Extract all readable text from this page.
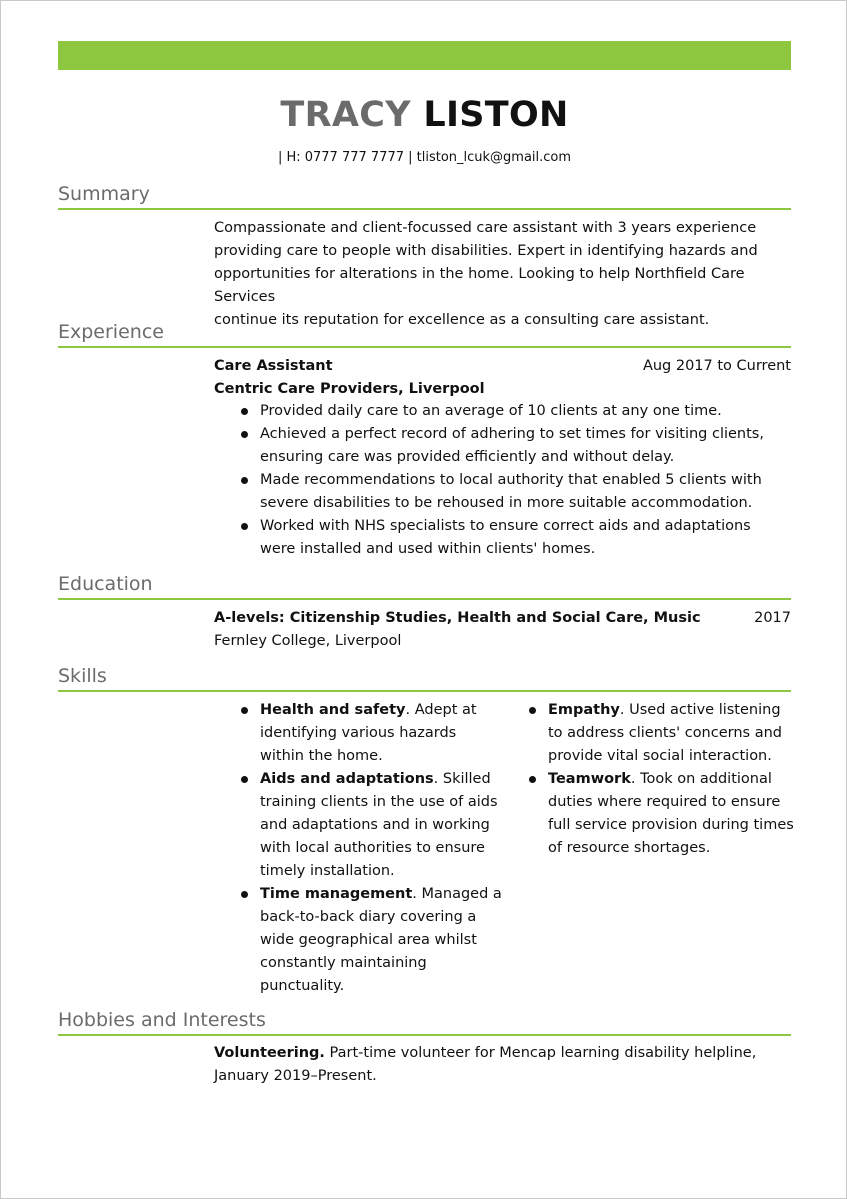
TRACY LISTON
| H: 0777 777 7777 | tliston_lcuk@gmail.com
Summary
Compassionate and client-focussed care assistant with 3 years experience
providing care to people with disabilities. Expert in identifying hazards and
opportunities for alterations in the home. Looking to help Northfield Care Services
continue its reputation for excellence as a consulting care assistant.
Experience
Care Assistant	Aug 2017 to Current
Centric Care Providers, Liverpool
Provided daily care to an average of 10 clients at any one time.
Achieved a perfect record of adhering to set times for visiting clients, ensuring care was provided efficiently and without delay.
Made recommendations to local authority that enabled 5 clients with severe disabilities to be rehoused in more suitable accommodation.
Worked with NHS specialists to ensure correct aids and adaptations were installed and used within clients' homes.
Education
A-levels: Citizenship Studies, Health and Social Care, Music	2017
Fernley College, Liverpool
Skills
Health and safety. Adept at identifying various hazards within the home.
Aids and adaptations. Skilled training clients in the use of aids and adaptations and in working with local authorities to ensure timely installation.
Time management. Managed a back-to-back diary covering a wide geographical area whilst constantly maintaining punctuality.
Empathy. Used active listening to address clients' concerns and provide vital social interaction.
Teamwork. Took on additional duties where required to ensure full service provision during times of resource shortages.
Hobbies and Interests
Volunteering. Part-time volunteer for Mencap learning disability helpline, January 2019–Present.
